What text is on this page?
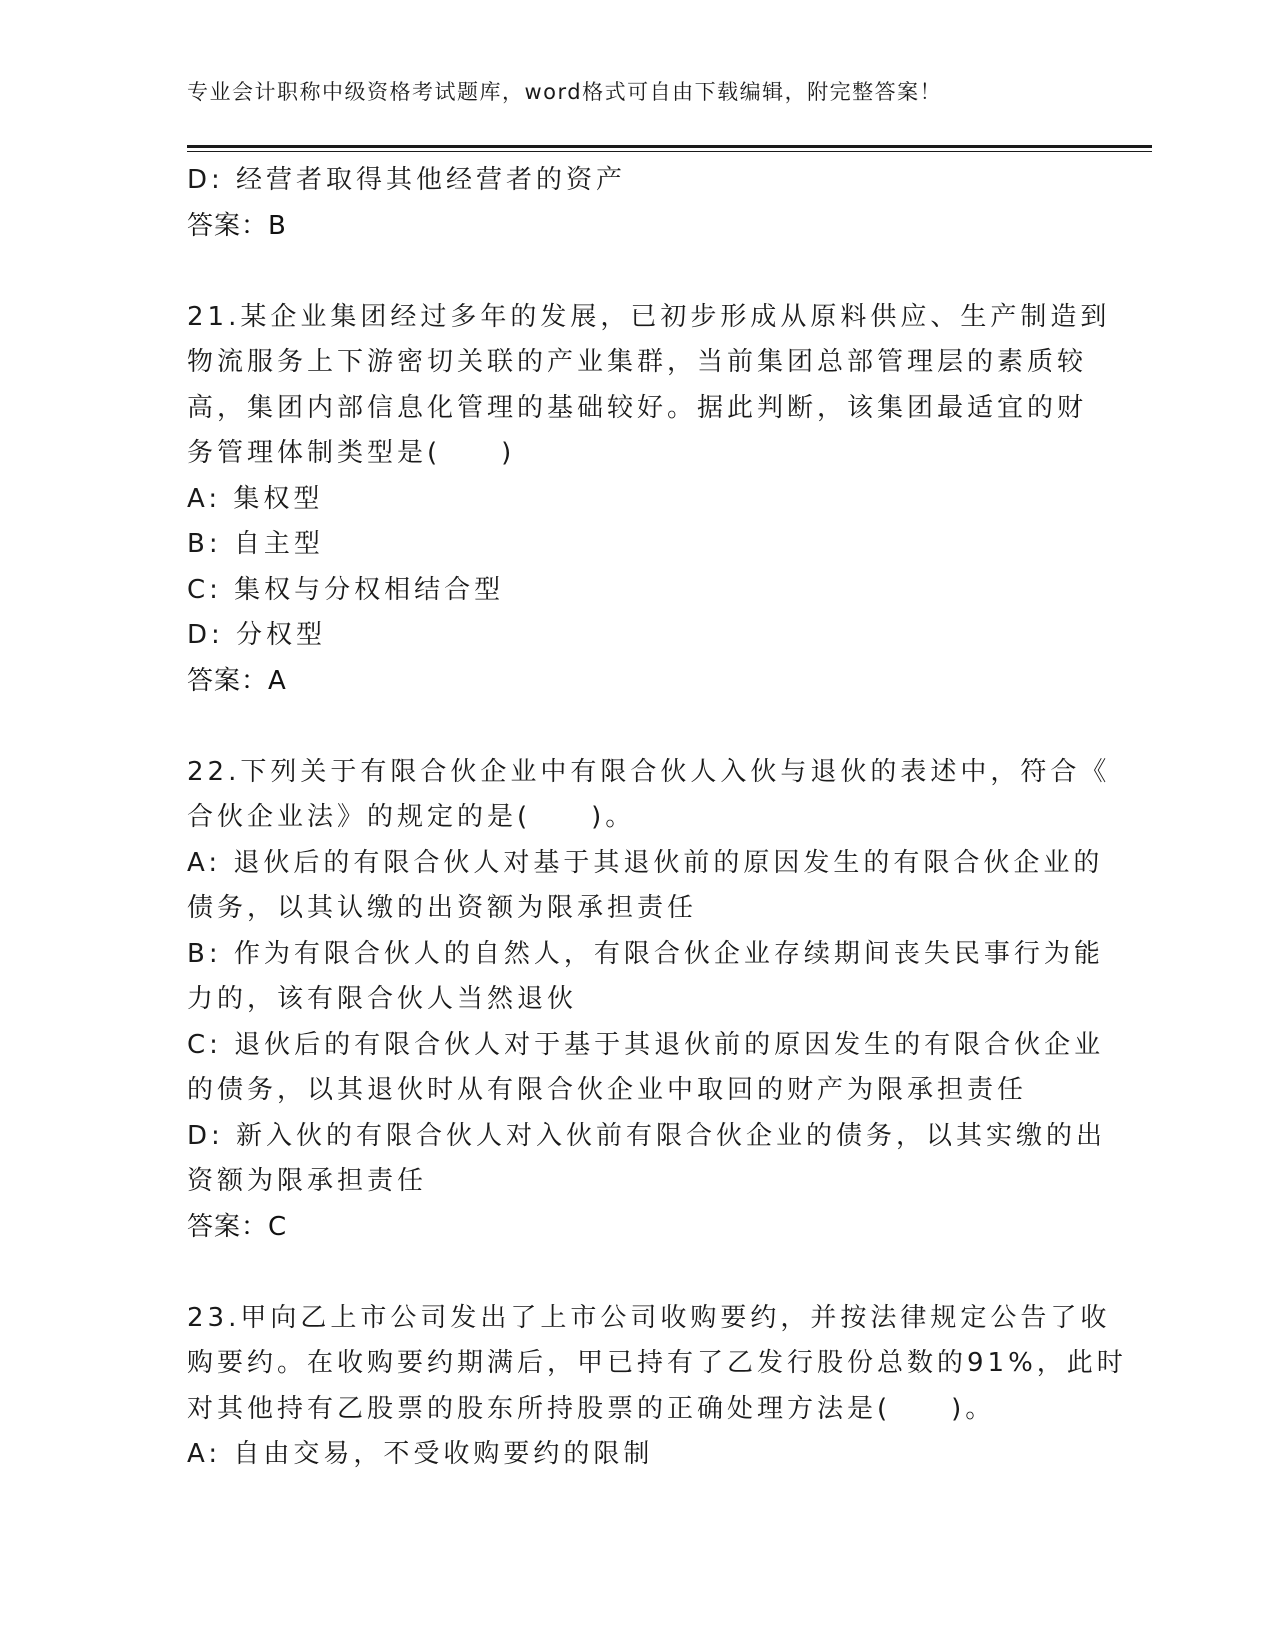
专业会计职称中级资格考试题库，word格式可自由下载编辑，附完整答案！
D: 经营者取得其他经营者的资产
答案：B
21.某企业集团经过多年的发展，已初步形成从原料供应、生产制造到
物流服务上下游密切关联的产业集群，当前集团总部管理层的素质较
高，集团内部信息化管理的基础较好。据此判断，该集团最适宜的财
务管理体制类型是(　　)
A: 集权型
B: 自主型
C: 集权与分权相结合型
D: 分权型
答案：A
22.下列关于有限合伙企业中有限合伙人入伙与退伙的表述中，符合《
合伙企业法》的规定的是(　　)。
A: 退伙后的有限合伙人对基于其退伙前的原因发生的有限合伙企业的
债务，以其认缴的出资额为限承担责任
B: 作为有限合伙人的自然人，有限合伙企业存续期间丧失民事行为能
力的，该有限合伙人当然退伙
C: 退伙后的有限合伙人对于基于其退伙前的原因发生的有限合伙企业
的债务，以其退伙时从有限合伙企业中取回的财产为限承担责任
D: 新入伙的有限合伙人对入伙前有限合伙企业的债务，以其实缴的出
资额为限承担责任
答案：C
23.甲向乙上市公司发出了上市公司收购要约，并按法律规定公告了收
购要约。在收购要约期满后，甲已持有了乙发行股份总数的91%，此时
对其他持有乙股票的股东所持股票的正确处理方法是(　　)。
A: 自由交易，不受收购要约的限制
